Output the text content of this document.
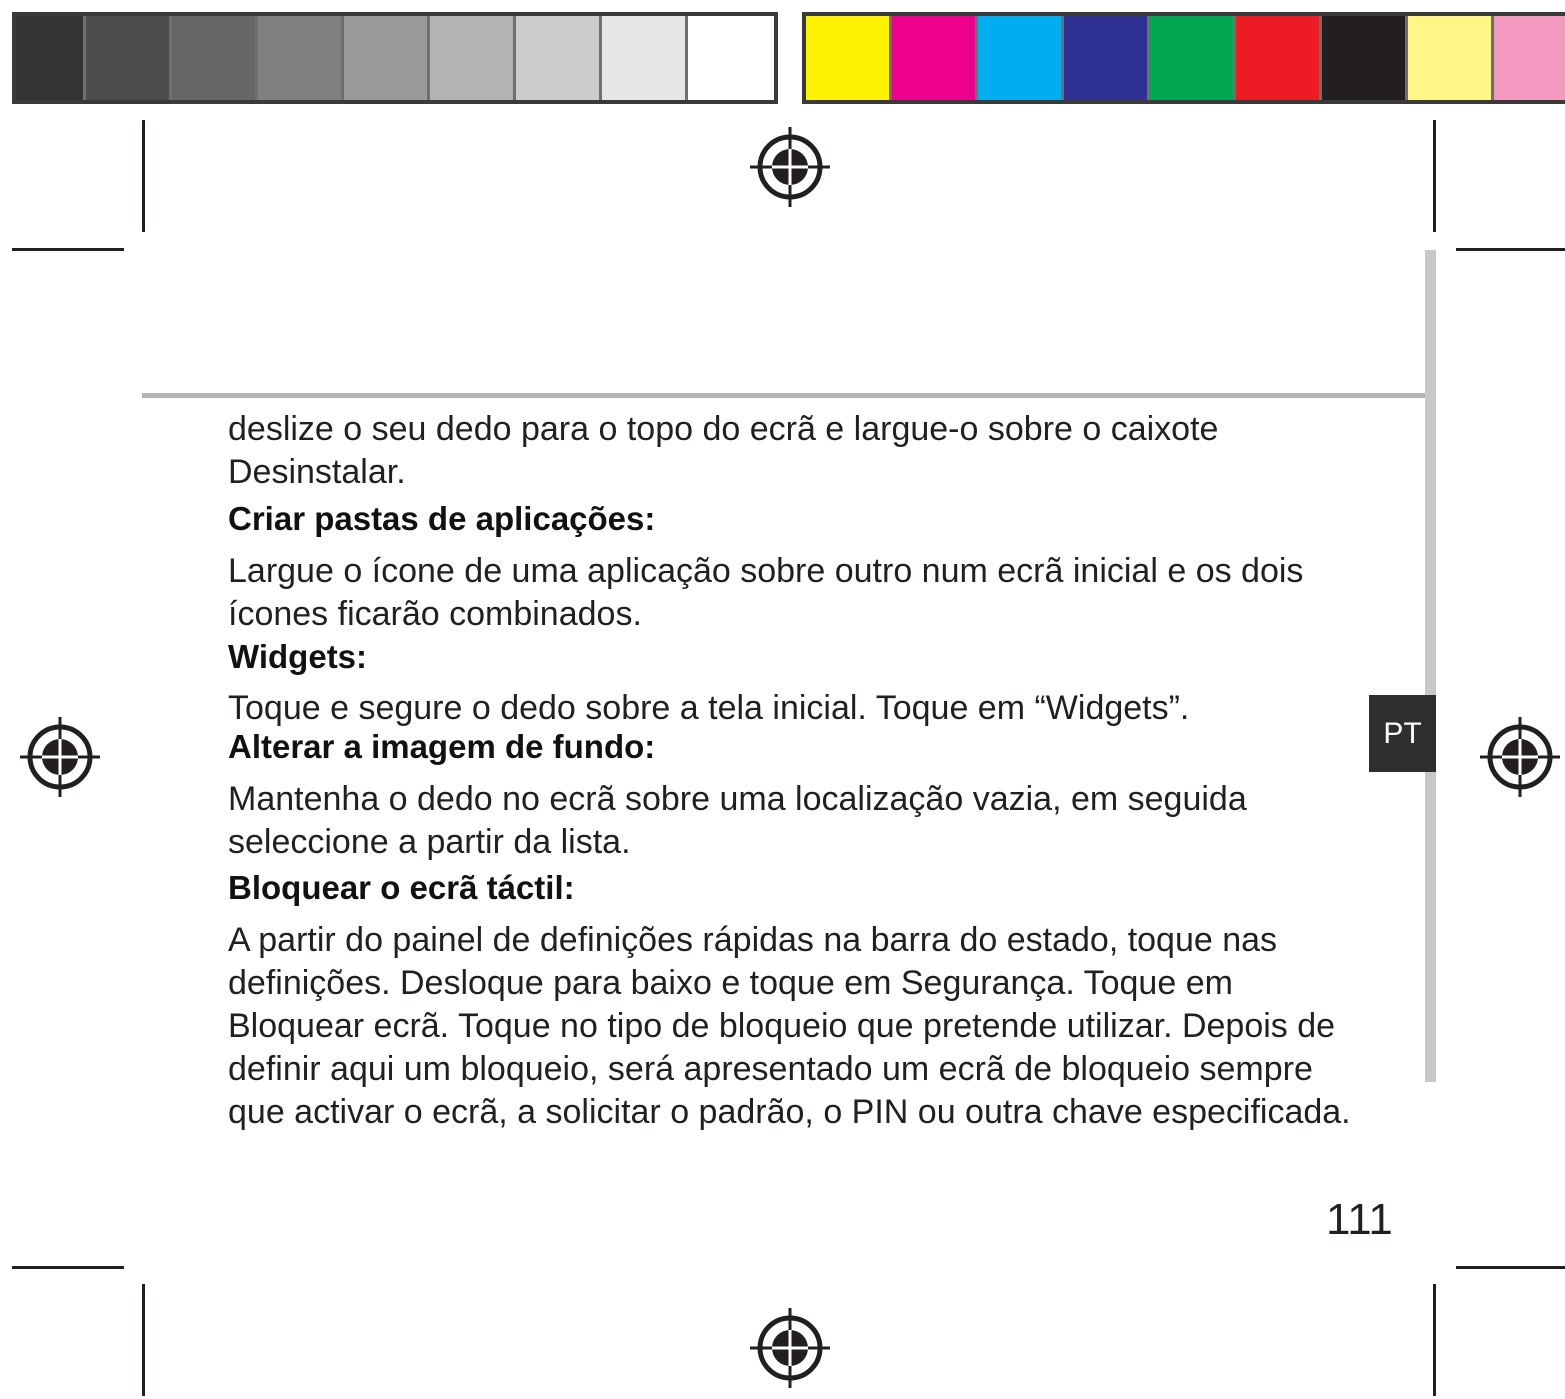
PT

deslize o seu dedo para o topo do ecrã e largue-o sobre o caixote Desinstalar.

Criar pastas de aplicações:

Largue o ícone de uma aplicação sobre outro num ecrã inicial e os dois ícones ficarão combinados.

Widgets:

Toque e segure o dedo sobre a tela inicial. Toque em “Widgets”.

Alterar a imagem de fundo:

Mantenha o dedo no ecrã sobre uma localização vazia, em seguida seleccione a partir da lista.

Bloquear o ecrã táctil:

A partir do painel de definições rápidas na barra do estado, toque nas definições. Desloque para baixo e toque em Segurança. Toque em Bloquear ecrã. Toque no tipo de bloqueio que pretende utilizar. Depois de definir aqui um bloqueio, será apresentado um ecrã de bloqueio sempre que activar o ecrã, a solicitar o padrão, o PIN ou outra chave especificada.

111
